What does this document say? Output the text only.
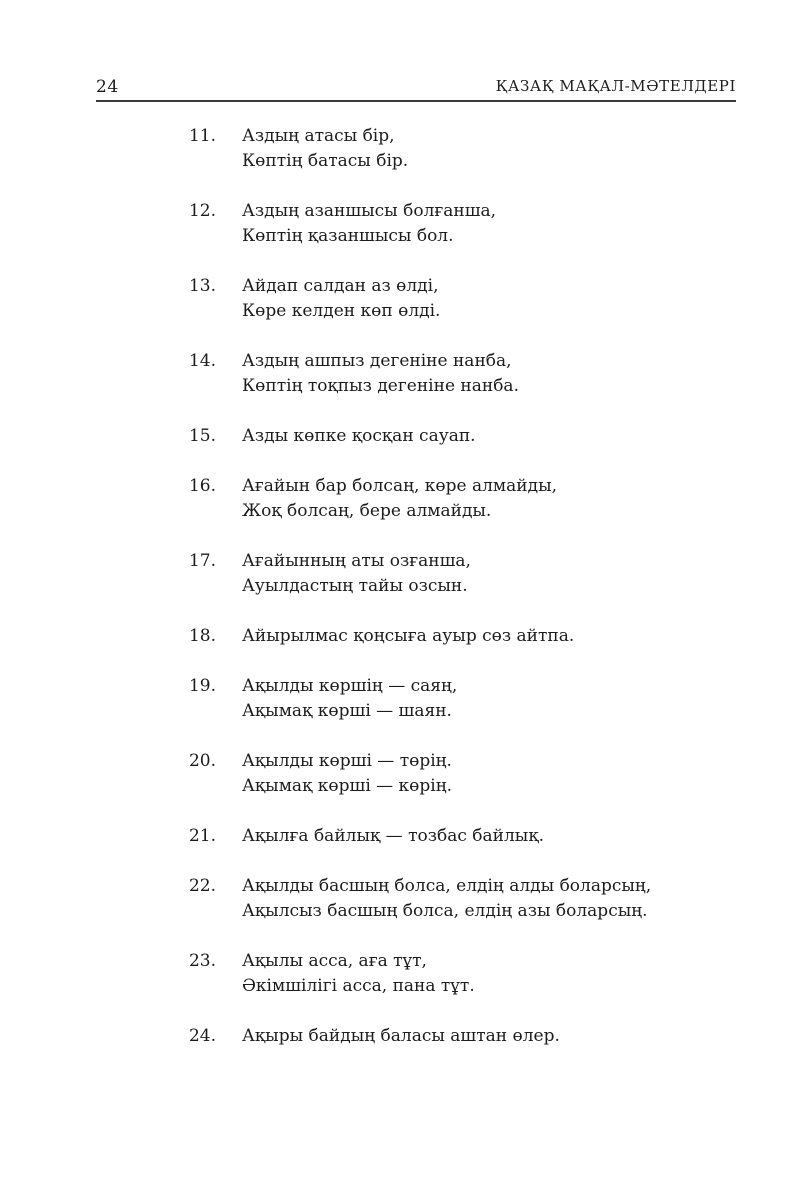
24	ҚАЗАҚ МАҚАЛ-МӘТЕЛДЕРІ
11. Аздың атасы бір,
Көптің батасы бір.
12. Аздың азаншысы болғанша,
Көптің қазаншысы бол.
13. Айдап салдан аз өлді,
Көре келден көп өлді.
14. Аздың ашпыз дегеніне нанба,
Көптің тоқпыз дегеніне нанба.
15. Азды көпке қосқан сауап.
16. Ағайын бар болсаң, көре алмайды,
Жоқ болсаң, бере алмайды.
17. Ағайынның аты озғанша,
Ауылдастың тайы озсын.
18. Айырылмас қоңсыға ауыр сөз айтпа.
19. Ақылды көршің — саяң,
Ақымақ көрші — шаян.
20. Ақылды көрші — төрің.
Ақымақ көрші — көрің.
21. Ақылға байлық — тозбас байлық.
22. Ақылды басшың болса, елдің алды боларсың,
Ақылсыз басшың болса, елдің азы боларсың.
23. Ақылы асса, аға тұт,
Әкімшілігі асса, пана тұт.
24. Ақыры байдың баласы аштан өлер.
